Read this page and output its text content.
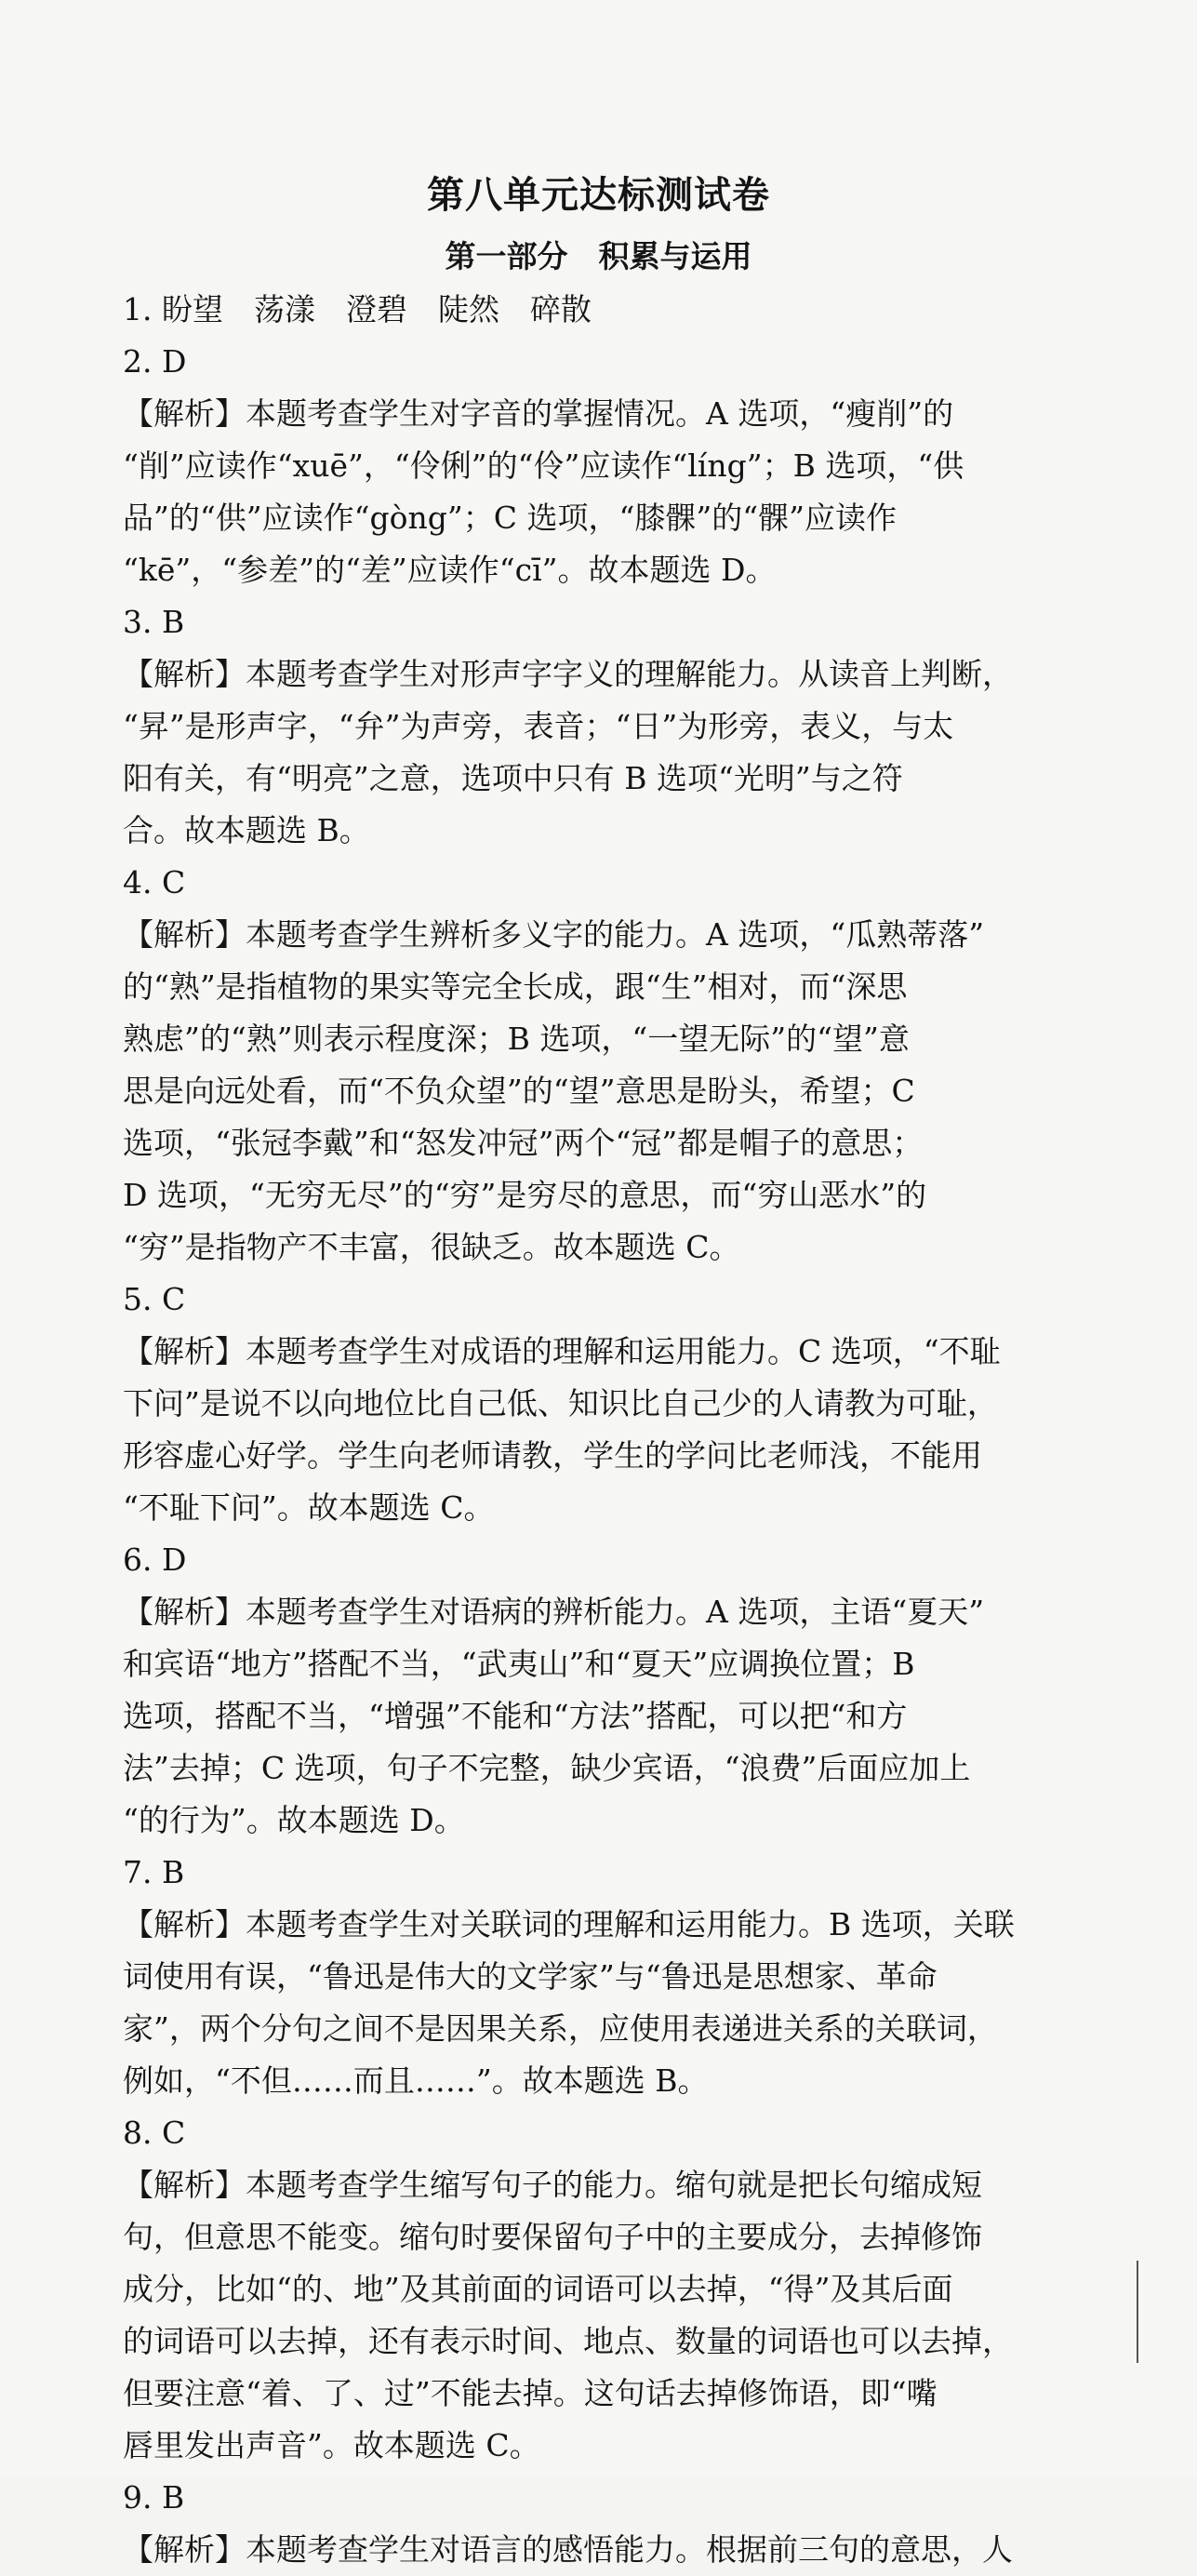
第八单元达标测试卷
第一部分　积累与运用
1. 盼望　荡漾　澄碧　陡然　碎散
2. D
【解析】本题考查学生对字音的掌握情况。A 选项，“瘦削”的
“削”应读作“xuē”，“伶俐”的“伶”应读作“líng”；B 选项，“供
品”的“供”应读作“gòng”；C 选项，“膝髁”的“髁”应读作
“kē”，“参差”的“差”应读作“cī”。故本题选 D。
3. B
【解析】本题考查学生对形声字字义的理解能力。从读音上判断，
“昇”是形声字，“弁”为声旁，表音；“日”为形旁，表义，与太
阳有关，有“明亮”之意，选项中只有 B 选项“光明”与之符
合。故本题选 B。
4. C
【解析】本题考查学生辨析多义字的能力。A 选项，“瓜熟蒂落”
的“熟”是指植物的果实等完全长成，跟“生”相对，而“深思
熟虑”的“熟”则表示程度深；B 选项，“一望无际”的“望”意
思是向远处看，而“不负众望”的“望”意思是盼头，希望；C
选项，“张冠李戴”和“怒发冲冠”两个“冠”都是帽子的意思；
D 选项，“无穷无尽”的“穷”是穷尽的意思，而“穷山恶水”的
“穷”是指物产不丰富，很缺乏。故本题选 C。
5. C
【解析】本题考查学生对成语的理解和运用能力。C 选项，“不耻
下问”是说不以向地位比自己低、知识比自己少的人请教为可耻，
形容虚心好学。学生向老师请教，学生的学问比老师浅，不能用
“不耻下问”。故本题选 C。
6. D
【解析】本题考查学生对语病的辨析能力。A 选项，主语“夏天”
和宾语“地方”搭配不当，“武夷山”和“夏天”应调换位置；B
选项，搭配不当，“增强”不能和“方法”搭配，可以把“和方
法”去掉；C 选项，句子不完整，缺少宾语，“浪费”后面应加上
“的行为”。故本题选 D。
7. B
【解析】本题考查学生对关联词的理解和运用能力。B 选项，关联
词使用有误，“鲁迅是伟大的文学家”与“鲁迅是思想家、革命
家”，两个分句之间不是因果关系，应使用表递进关系的关联词，
例如，“不但……而且……”。故本题选 B。
8. C
【解析】本题考查学生缩写句子的能力。缩句就是把长句缩成短
句，但意思不能变。缩句时要保留句子中的主要成分，去掉修饰
成分，比如“的、地”及其前面的词语可以去掉，“得”及其后面
的词语可以去掉，还有表示时间、地点、数量的词语也可以去掉，
但要注意“着、了、过”不能去掉。这句话去掉修饰语，即“嘴
唇里发出声音”。故本题选 C。
9. B
【解析】本题考查学生对语言的感悟能力。根据前三句的意思，人
